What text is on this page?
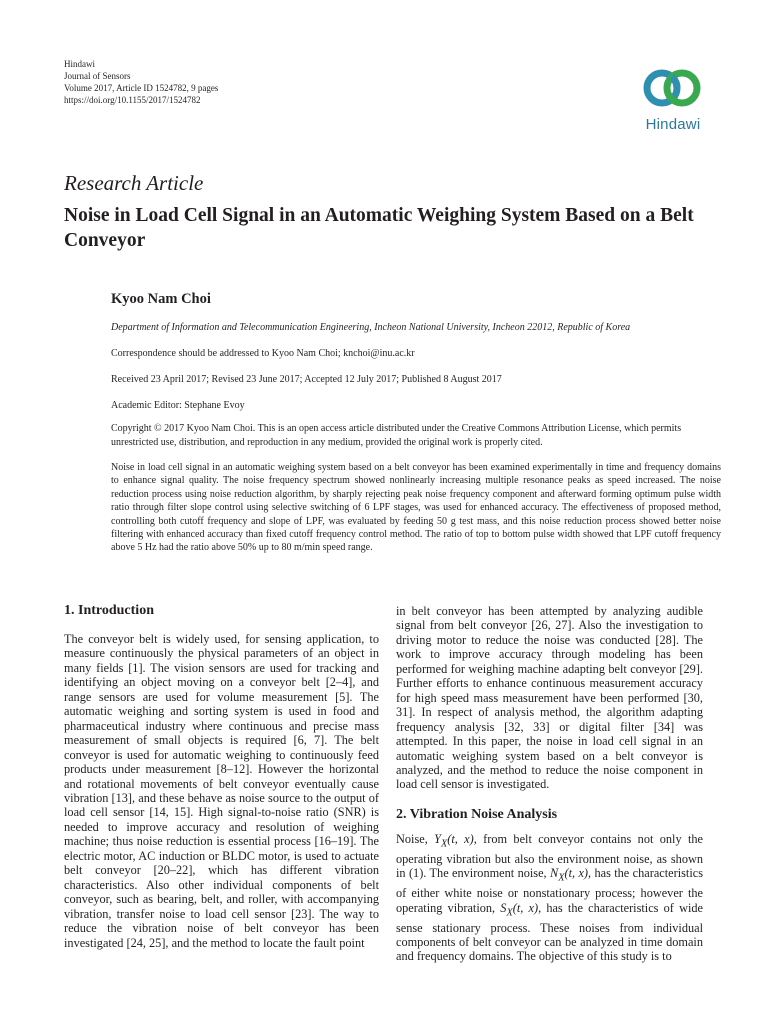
Hindawi
Journal of Sensors
Volume 2017, Article ID 1524782, 9 pages
https://doi.org/10.1155/2017/1524782
Hindawi
Research Article
Noise in Load Cell Signal in an Automatic Weighing System Based on a Belt Conveyor
Kyoo Nam Choi
Department of Information and Telecommunication Engineering, Incheon National University, Incheon 22012, Republic of Korea
Correspondence should be addressed to Kyoo Nam Choi; knchoi@inu.ac.kr
Received 23 April 2017; Revised 23 June 2017; Accepted 12 July 2017; Published 8 August 2017
Academic Editor: Stephane Evoy
Copyright © 2017 Kyoo Nam Choi. This is an open access article distributed under the Creative Commons Attribution License, which permits unrestricted use, distribution, and reproduction in any medium, provided the original work is properly cited.
Noise in load cell signal in an automatic weighing system based on a belt conveyor has been examined experimentally in time and frequency domains to enhance signal quality. The noise frequency spectrum showed nonlinearly increasing multiple resonance peaks as speed increased. The noise reduction process using noise reduction algorithm, by sharply rejecting peak noise frequency component and afterward forming optimum pulse width ratio through filter slope control using selective switching of 6 LPF stages, was used for enhanced accuracy. The effectiveness of proposed method, controlling both cutoff frequency and slope of LPF, was evaluated by feeding 50 g test mass, and this noise reduction process showed better noise filtering with enhanced accuracy than fixed cutoff frequency control method. The ratio of top to bottom pulse width showed that LPF cutoff frequency above 5 Hz had the ratio above 50% up to 80 m/min speed range.
1. Introduction

The conveyor belt is widely used, for sensing application, to measure continuously the physical parameters of an object in many fields [1]. The vision sensors are used for tracking and identifying an object moving on a conveyor belt [2–4], and range sensors are used for volume measurement [5]. The automatic weighing and sorting system is used in food and pharmaceutical industry where continuous and precise mass measurement of small objects is required [6, 7]. The belt conveyor is used for automatic weighing to continuously feed products under measurement [8–12]. However the horizontal and rotational movements of belt conveyor eventually cause vibration [13], and these behave as noise source to the output of load cell sensor [14, 15]. High signal-to-noise ratio (SNR) is needed to improve accuracy and resolution of weighing machine; thus noise reduction is essential process [16–19]. The electric motor, AC induction or BLDC motor, is used to actuate belt conveyor [20–22], which has different vibration characteristics. Also other individual components of belt conveyor, such as bearing, belt, and roller, with accompanying vibration, transfer noise to load cell sensor [23]. The way to reduce the vibration noise of belt conveyor has been investigated [24, 25], and the method to locate the fault point

in belt conveyor has been attempted by analyzing audible signal from belt conveyor [26, 27]. Also the investigation to driving motor to reduce the noise was conducted [28]. The work to improve accuracy through modeling has been performed for weighing machine adapting belt conveyor [29]. Further efforts to enhance continuous measurement accuracy for high speed mass measurement have been performed [30, 31]. In respect of analysis method, the algorithm adapting frequency analysis [32, 33] or digital filter [34] was attempted. In this paper, the noise in load cell signal in an automatic weighing system based on a belt conveyor is analyzed, and the method to reduce the noise component in load cell sensor is investigated.

2. Vibration Noise Analysis

Noise, $Y_X(t$, x), from belt conveyor contains not only the operating vibration but also the environment noise, as shown in (1). The environment noise, $N_X(t$, x), has the characteristics of either white noise or nonstationary process; however the operating vibration, $S_X(t$, x), has the characteristics of wide sense stationary process. These noises from individual components of belt conveyor can be analyzed in time domain and frequency domains. The objective of this study is to
